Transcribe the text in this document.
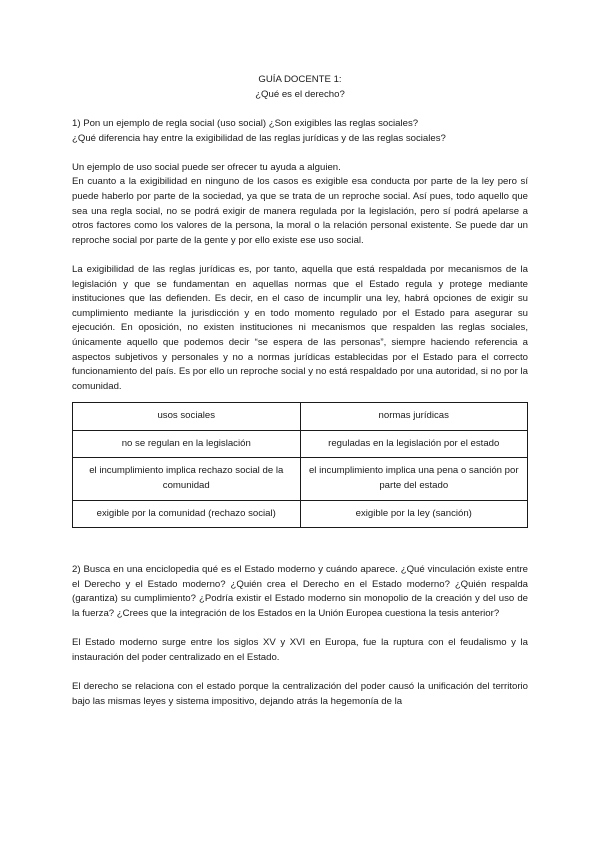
GUÍA DOCENTE 1:

¿Qué es el derecho?

1) Pon un ejemplo de regla social (uso social) ¿Son exigibles las reglas sociales?

¿Qué diferencia hay entre la exigibilidad de las reglas jurídicas y de las reglas sociales?

Un ejemplo de uso social puede ser ofrecer tu ayuda a alguien.

En cuanto a la exigibilidad en ninguno de los casos es exigible esa conducta por parte de la ley pero sí puede haberlo por parte de la sociedad, ya que se trata de un reproche social. Así pues, todo aquello que sea una regla social, no se podrá exigir de manera regulada por la legislación, pero sí podrá apelarse a otros factores como los valores de la persona, la moral o la relación personal existente. Se puede dar un reproche social por parte de la gente y por ello existe ese uso social.

La exigibilidad de las reglas jurídicas es, por tanto, aquella que está respaldada por mecanismos de la legislación y que se fundamentan en aquellas normas que el Estado regula y protege mediante instituciones que las defienden. Es decir, en el caso de incumplir una ley, habrá opciones de exigir su cumplimiento mediante la jurisdicción y en todo momento regulado por el Estado para asegurar su ejecución. En oposición, no existen instituciones ni mecanismos que respalden las reglas sociales, únicamente aquello que podemos decir “se espera de las personas”, siempre haciendo referencia a aspectos subjetivos y personales y no a normas jurídicas establecidas por el Estado para el correcto funcionamiento del país. Es por ello un reproche social y no está respaldado por una autoridad, si no por la comunidad.

usos sociales	normas jurídicas
no se regulan en la legislación	reguladas en la legislación por el estado
el incumplimiento implica rechazo social de la comunidad	el incumplimiento implica una pena o sanción por parte del estado
exigible por la comunidad (rechazo social)	exigible por la ley (sanción)

2) Busca en una enciclopedia qué es el Estado moderno y cuándo aparece. ¿Qué vinculación existe entre el Derecho y el Estado moderno? ¿Quién crea el Derecho en el Estado moderno? ¿Quién respalda (garantiza) su cumplimiento? ¿Podría existir el Estado moderno sin monopolio de la creación y del uso de la fuerza? ¿Crees que la integración de los Estados en la Unión Europea cuestiona la tesis anterior?

El Estado moderno surge entre los siglos XV y XVI en Europa, fue la ruptura con el feudalismo y la instauración del poder centralizado en el Estado.

El derecho se relaciona con el estado porque la centralización del poder causó la unificación del territorio bajo las mismas leyes y sistema impositivo, dejando atrás la hegemonía de la
